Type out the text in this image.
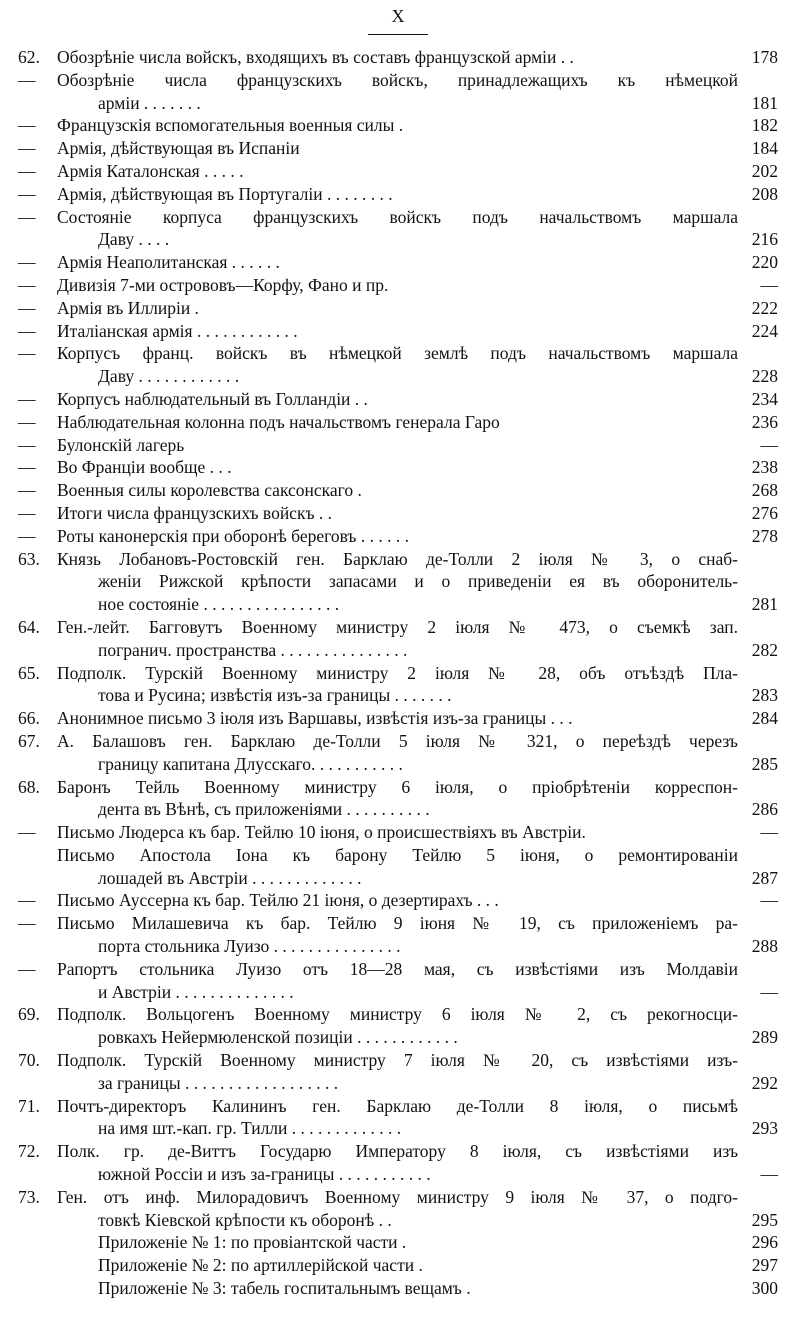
X
62. Обозрѣніе числа войскъ, входящихъ въ составъ французской арміи . .	178
—	Обозрѣніе числа французскихъ войскъ, принадлежащихъ къ нѣмецкой
арміи . . . . . . .	181
—	Французскія вспомогательныя военныя силы .	182
—	Армія, дѣйствующая въ Испаніи	184
—	Армія Каталонская . . . . .	202
—	Армія, дѣйствующая въ Португаліи . . . . . . . .	208
—	Состояніе корпуса французскихъ войскъ подъ начальствомъ маршала
Даву . . . .	216
—	Армія Неаполитанская . . . . . .	220
—	Дивизія 7-ми острововъ—Корфу, Фано и пр.	—
—	Армія въ Иллиріи .	222
—	Италіанская армія . . . . . . . . . . . .	224
—	Корпусъ франц. войскъ въ нѣмецкой землѣ подъ начальствомъ маршала
Даву . . . . . . . . . . . .	228
—	Корпусъ наблюдательный въ Голландіи . .	234
—	Наблюдательная колонна подъ начальствомъ генерала Гаро	236
—	Булонскій лагерь	—
—	Во Франціи вообще . . .	238
—	Военныя силы королевства саксонскаго .	268
—	Итоги числа французскихъ войскъ . .	276
—	Роты канонерскія при оборонѣ береговъ . . . . . .	278
63. Князь Лобановъ-Ростовскій ген. Барклаю де-Толли 2 іюля № 3, о снаб-
женіи Рижской крѣпости запасами и о приведеніи ея въ оборонитель-
ное состояніе . . . . . . . . . . . . . . . .	281
64. Ген.-лейт. Багговутъ Военному министру 2 іюля № 473, о съемкѣ зап.
погранич. пространства . . . . . . . . . . . . . . .	282
65. Подполк. Турскій Военному министру 2 іюля № 28, объ отъѣздѣ Пла-
това и Русина; извѣстія изъ-за границы . . . . . . .	283
66. Анонимное письмо 3 іюля изъ Варшавы, извѣстія изъ-за границы . . .	284
67. А. Балашовъ ген. Барклаю де-Толли 5 іюля № 321, о переѣздѣ черезъ
границу капитана Длусскаго. . . . . . . . . . .	285
68. Баронъ Тейль Военному министру 6 іюля, о пріобрѣтеніи корреспон-
дента въ Вѣнѣ, съ приложеніями . . . . . . . . . .	286
—	Письмо Людерса къ бар. Тейлю 10 іюня, о происшествіяхъ въ Австріи.	—
Письмо Апостола Іона къ барону Тейлю 5 іюня, о ремонтированіи
лошадей въ Австріи . . . . . . . . . . . . .	287
—	Письмо Ауссерна къ бар. Тейлю 21 іюня, о дезертирахъ . . .	—
—	Письмо Милашевича къ бар. Тейлю 9 іюня № 19, съ приложеніемъ ра-
порта стольника Луизо . . . . . . . . . . . . . . .	288
—	Рапортъ стольника Луизо отъ 18—28 мая, съ извѣстіями изъ Молдавіи
и Австріи . . . . . . . . . . . . . .	—
69. Подполк. Вольцогенъ Военному министру 6 іюля № 2, съ рекогносци-
ровкахъ Нейермюленской позиціи . . . . . . . . . . . .	289
70. Подполк. Турскій Военному министру 7 іюля № 20, съ извѣстіями изъ-
за границы . . . . . . . . . . . . . . . . . .	292
71. Почтъ-директоръ Калининъ ген. Барклаю де-Толли 8 іюля, о письмѣ
на имя шт.-кап. гр. Тилли . . . . . . . . . . . . .	293
72. Полк. гр. де-Виттъ Государю Императору 8 іюля, съ извѣстіями изъ
южной Россіи и изъ за-границы . . . . . . . . . . .	—
73. Ген. отъ инф. Милорадовичъ Военному министру 9 іюля № 37, о подго-
товкѣ Кіевской крѣпости къ оборонѣ . .	295
Приложеніе № 1: по провіантской части .	296
Приложеніе № 2: по артиллерійской части .	297
Приложеніе № 3: табель госпитальнымъ вещамъ .	300
